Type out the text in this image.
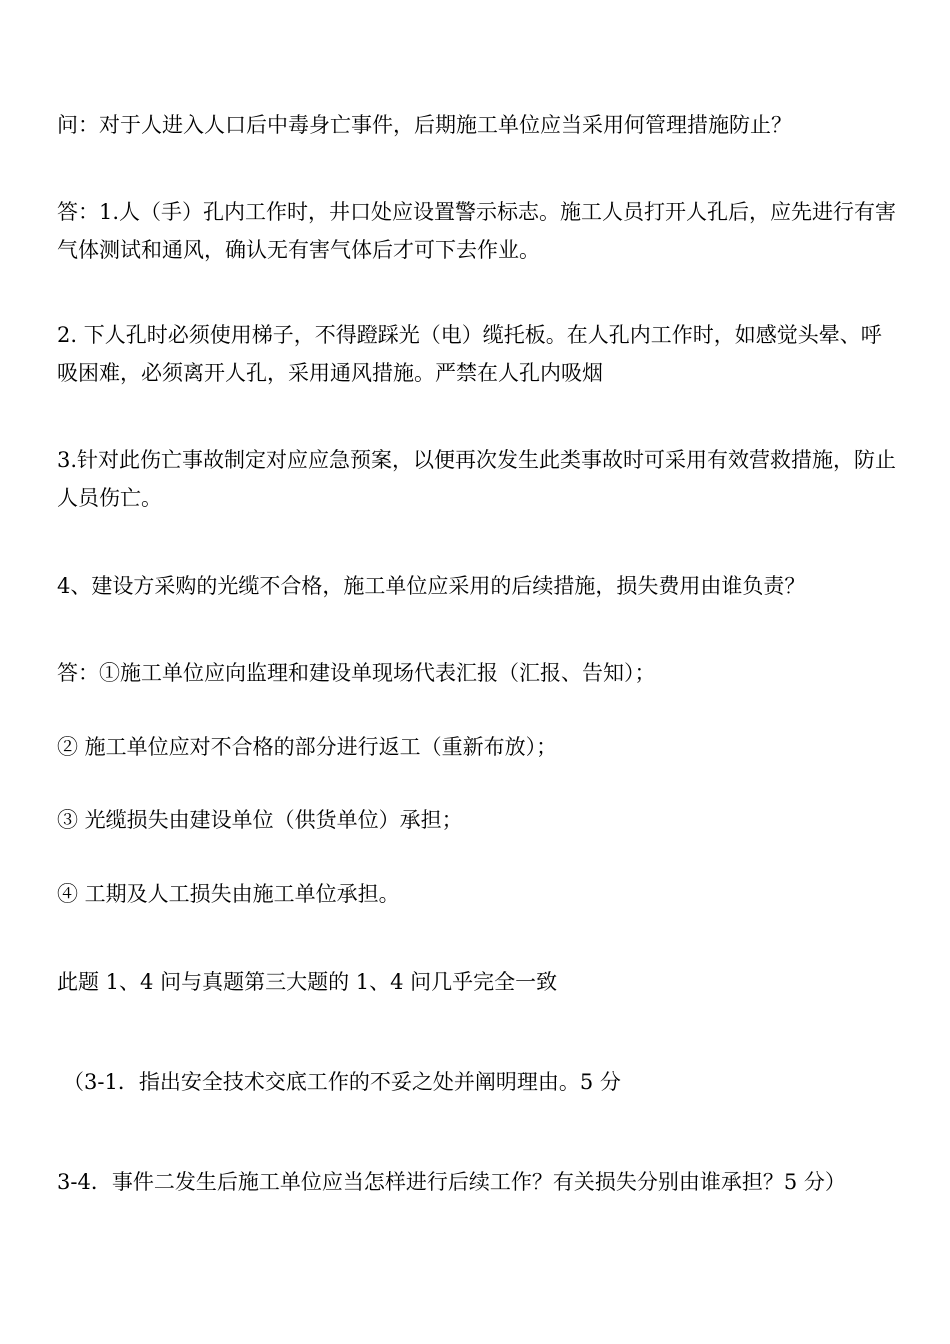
问：对于人进入人口后中毒身亡事件，后期施工单位应当采用何管理措施防止？

答：1.人（手）孔内工作时，井口处应设置警示标志。施工人员打开人孔后，应先进行有害气体测试和通风，确认无有害气体后才可下去作业。

2. 下人孔时必须使用梯子，不得蹬踩光（电）缆托板。在人孔内工作时，如感觉头晕、呼吸困难，必须离开人孔，采用通风措施。严禁在人孔内吸烟

3.针对此伤亡事故制定对应应急预案，以便再次发生此类事故时可采用有效营救措施，防止人员伤亡。

4、建设方采购的光缆不合格，施工单位应采用的后续措施，损失费用由谁负责？

答：①施工单位应向监理和建设单现场代表汇报（汇报、告知）；

② 施工单位应对不合格的部分进行返工（重新布放）；

③ 光缆损失由建设单位（供货单位）承担；

④ 工期及人工损失由施工单位承担。

此题 1、4 问与真题第三大题的 1、4 问几乎完全一致

（3-1．指出安全技术交底工作的不妥之处并阐明理由。5 分

3-4．事件二发生后施工单位应当怎样进行后续工作？有关损失分别由谁承担？5 分）
